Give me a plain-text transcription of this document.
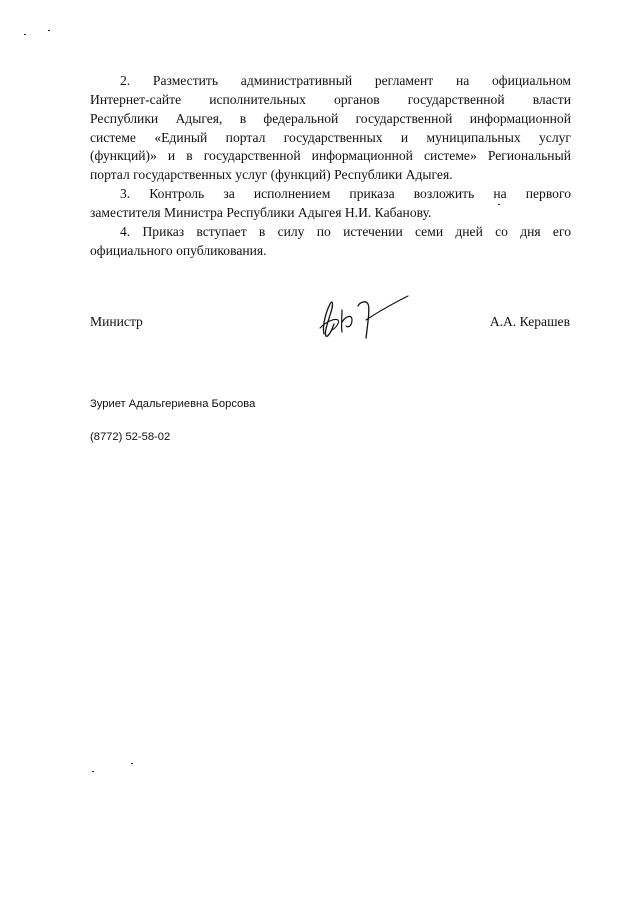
2. Разместить административный регламент на официальном
Интернет-сайте исполнительных органов государственной власти
Республики Адыгея, в федеральной государственной информационной
системе «Единый портал государственных и муниципальных услуг
(функций)» и в государственной информационной системе» Региональный
портал государственных услуг (функций) Республики Адыгея.
3. Контроль за исполнением приказа возложить на первого
заместителя Министра Республики Адыгея Н.И. Кабанову.
4. Приказ вступает в силу по истечении семи дней со дня его
официального опубликования.
Министр	А.А. Керашев
Зуриет Адальгериевна Борсова
(8772) 52-58-02
